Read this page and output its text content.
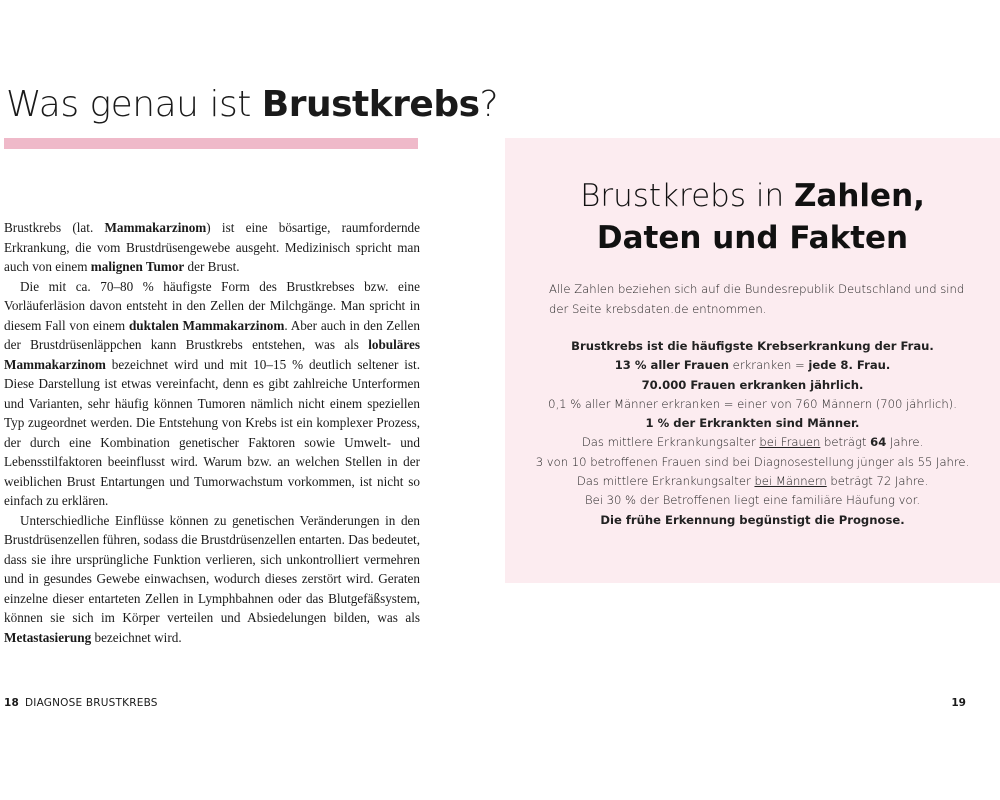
Was genau ist Brustkrebs?

Brustkrebs (lat. Mammakarzinom) ist eine bösartige, raumfordernde Erkrankung, die vom Brustdrüsengewebe ausgeht. Medizinisch spricht man auch von einem malignen Tumor der Brust.

Die mit ca. 70–80 % häufigste Form des Brustkrebses bzw. eine Vorläuferläsion davon entsteht in den Zellen der Milchgänge. Man spricht in diesem Fall von einem duktalen Mammakarzinom. Aber auch in den Zellen der Brustdrüsenläppchen kann Brustkrebs entstehen, was als lobuläres Mammakarzinom bezeichnet wird und mit 10–15 % deutlich seltener ist. Diese Darstellung ist etwas vereinfacht, denn es gibt zahlreiche Unterformen und Varianten, sehr häufig können Tumoren nämlich nicht einem speziellen Typ zugeordnet werden. Die Entstehung von Krebs ist ein komplexer Prozess, der durch eine Kombination genetischer Faktoren sowie Umwelt- und Lebensstilfaktoren beeinflusst wird. Warum bzw. an welchen Stellen in der weiblichen Brust Entartungen und Tumorwachstum vorkommen, ist nicht so einfach zu erklären.

Unterschiedliche Einflüsse können zu genetischen Veränderungen in den Brustdrüsenzellen führen, sodass die Brustdrüsenzellen entarten. Das bedeutet, dass sie ihre ursprüngliche Funktion verlieren, sich unkontrolliert vermehren und in gesundes Gewebe einwachsen, wodurch dieses zerstört wird. Geraten einzelne dieser entarteten Zellen in Lymphbahnen oder das Blutgefäßsystem, können sie sich im Körper verteilen und Absiedelungen bilden, was als Metastasierung bezeichnet wird.

18 DIAGNOSE BRUSTKREBS	19
Brustkrebs in Zahlen,
Daten und Fakten

Alle Zahlen beziehen sich auf die Bundesrepublik Deutschland und sind der Seite krebsdaten.de entnommen.

Brustkrebs ist die häufigste Krebserkrankung der Frau.
13 % aller Frauen erkranken = jede 8. Frau.
70.000 Frauen erkranken jährlich.
0,1 % aller Männer erkranken = einer von 760 Männern (700 jährlich).
1 % der Erkrankten sind Männer.
Das mittlere Erkrankungsalter bei Frauen beträgt 64 Jahre.
3 von 10 betroffenen Frauen sind bei Diagnosestellung jünger als 55 Jahre.
Das mittlere Erkrankungsalter bei Männern beträgt 72 Jahre.
Bei 30 % der Betroffenen liegt eine familiäre Häufung vor.
Die frühe Erkennung begünstigt die Prognose.
